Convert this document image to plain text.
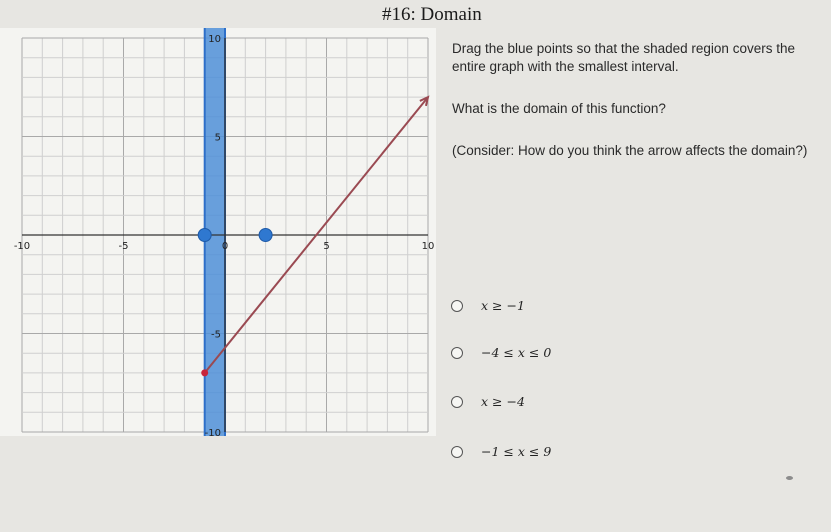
#16: Domain
-10	-5	0	5	10
10
5
-5
-10

Drag the blue points so that the shaded region covers the entire graph with the smallest interval.

What is the domain of this function?

(Consider: How do you think the arrow affects the domain?)

x ≥ −1
−4 ≤ x ≤ 0
x ≥ −4
−1 ≤ x ≤ 9
